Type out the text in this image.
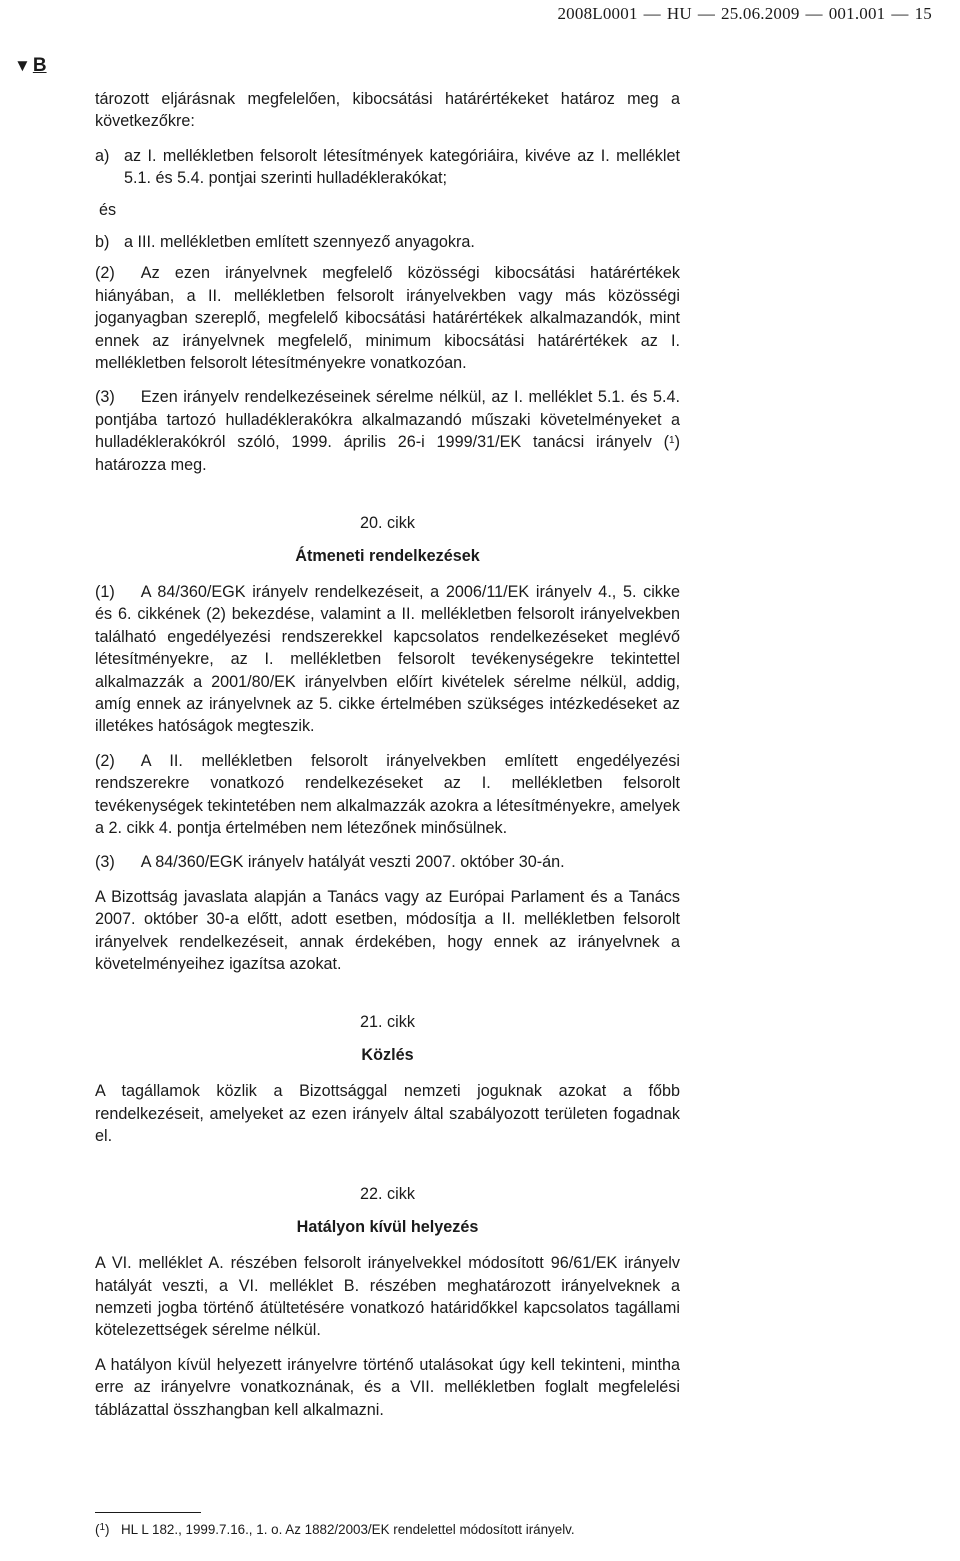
2008L0001 — HU — 25.06.2009 — 001.001 — 15
▼ B

tározott eljárásnak megfelelően, kibocsátási határértékeket határoz meg a következőkre:

a) az I. mellékletben felsorolt létesítmények kategóriáira, kivéve az I. melléklet 5.1. és 5.4. pontjai szerinti hulladéklerakókat;
és
b) a III. mellékletben említett szennyező anyagokra.

(2) Az ezen irányelvnek megfelelő közösségi kibocsátási határértékek hiányában, a II. mellékletben felsorolt irányelvekben vagy más közösségi joganyagban szereplő, megfelelő kibocsátási határértékek alkalmazandók, mint ennek az irányelvnek megfelelő, minimum kibocsátási határértékek az I. mellékletben felsorolt létesítményekre vonatkozóan.

(3) Ezen irányelv rendelkezéseinek sérelme nélkül, az I. melléklet 5.1. és 5.4. pontjába tartozó hulladéklerakókra alkalmazandó műszaki követelményeket a hulladéklerakókról szóló, 1999. április 26-i 1999/31/EK tanácsi irányelv ($^1$) határozza meg.

20. cikk
Átmeneti rendelkezések

(1) A 84/360/EGK irányelv rendelkezéseit, a 2006/11/EK irányelv 4., 5. cikke és 6. cikkének (2) bekezdése, valamint a II. mellékletben felsorolt irányelvekben található engedélyezési rendszerekkel kapcsolatos rendelkezéseket meglévő létesítményekre, az I. mellékletben felsorolt tevékenységekre tekintettel alkalmazzák a 2001/80/EK irányelvben előírt kivételek sérelme nélkül, addig, amíg ennek az irányelvnek az 5. cikke értelmében szükséges intézkedéseket az illetékes hatóságok megteszik.

(2) A II. mellékletben felsorolt irányelvekben említett engedélyezési rendszerekre vonatkozó rendelkezéseket az I. mellékletben felsorolt tevékenységek tekintetében nem alkalmazzák azokra a létesítményekre, amelyek a 2. cikk 4. pontja értelmében nem létezőnek minősülnek.

(3) A 84/360/EGK irányelv hatályát veszti 2007. október 30-án.

A Bizottság javaslata alapján a Tanács vagy az Európai Parlament és a Tanács 2007. október 30-a előtt, adott esetben, módosítja a II. mellékletben felsorolt irányelvek rendelkezéseit, annak érdekében, hogy ennek az irányelvnek a követelményeihez igazítsa azokat.

21. cikk
Közlés

A tagállamok közlik a Bizottsággal nemzeti joguknak azokat a főbb rendelkezéseit, amelyeket az ezen irányelv által szabályozott területen fogadnak el.

22. cikk
Hatályon kívül helyezés

A VI. melléklet A. részében felsorolt irányelvekkel módosított 96/61/EK irányelv hatályát veszti, a VI. melléklet B. részében meghatározott irányelveknek a nemzeti jogba történő átültetésére vonatkozó határidőkkel kapcsolatos tagállami kötelezettségek sérelme nélkül.

A hatályon kívül helyezett irányelvre történő utalásokat úgy kell tekinteni, mintha erre az irányelvre vonatkoznának, és a VII. mellékletben foglalt megfelelési táblázattal összhangban kell alkalmazni.

($^1$) HL L 182., 1999.7.16., 1. o. Az 1882/2003/EK rendelettel módosított irányelv.
